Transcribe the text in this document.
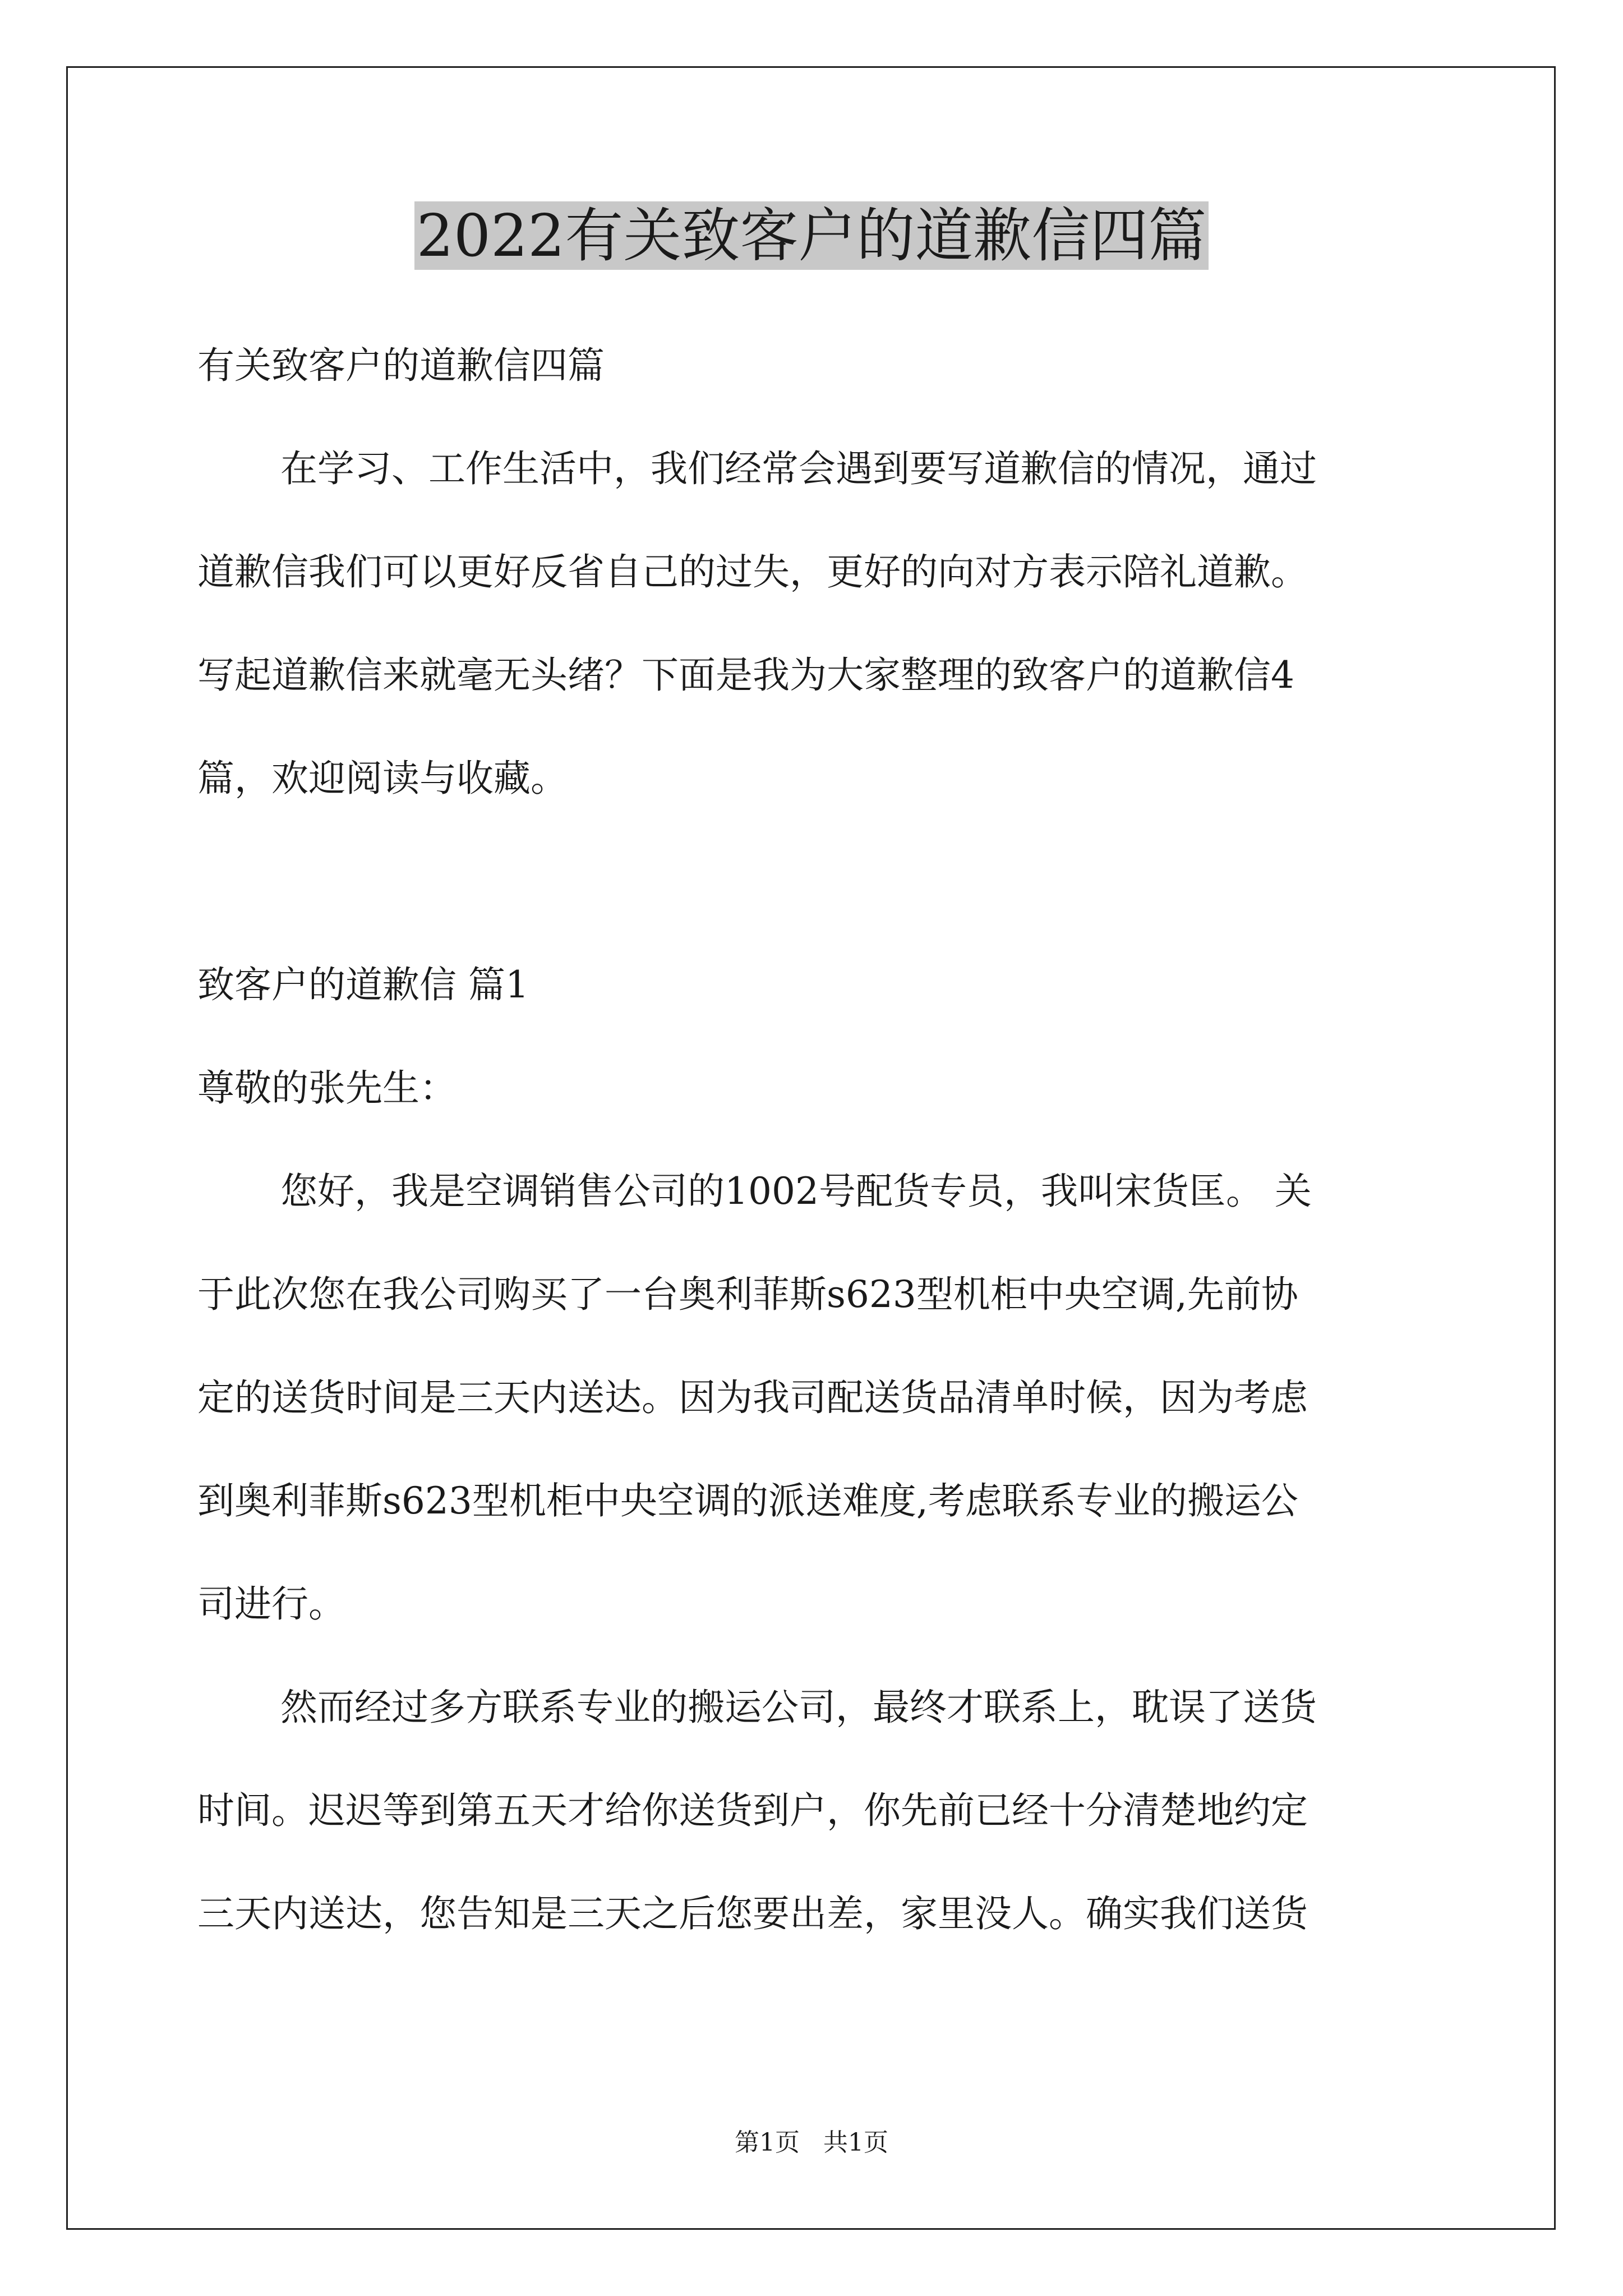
2022有关致客户的道歉信四篇

有关致客户的道歉信四篇

在学习、工作生活中，我们经常会遇到要写道歉信的情况，通过

道歉信我们可以更好反省自己的过失，更好的向对方表示陪礼道歉。

写起道歉信来就毫无头绪？下面是我为大家整理的致客户的道歉信4

篇，欢迎阅读与收藏。

致客户的道歉信 篇1

尊敬的张先生：

您好，我是空调销售公司的1002号配货专员，我叫宋货匡。 关

于此次您在我公司购买了一台奥利菲斯s623型机柜中央空调,先前协

定的送货时间是三天内送达。因为我司配送货品清单时候，因为考虑

到奥利菲斯s623型机柜中央空调的派送难度,考虑联系专业的搬运公

司进行。

然而经过多方联系专业的搬运公司，最终才联系上，耽误了送货

时间。迟迟等到第五天才给你送货到户，你先前已经十分清楚地约定

三天内送达，您告知是三天之后您要出差，家里没人。确实我们送货

第1页   共1页
